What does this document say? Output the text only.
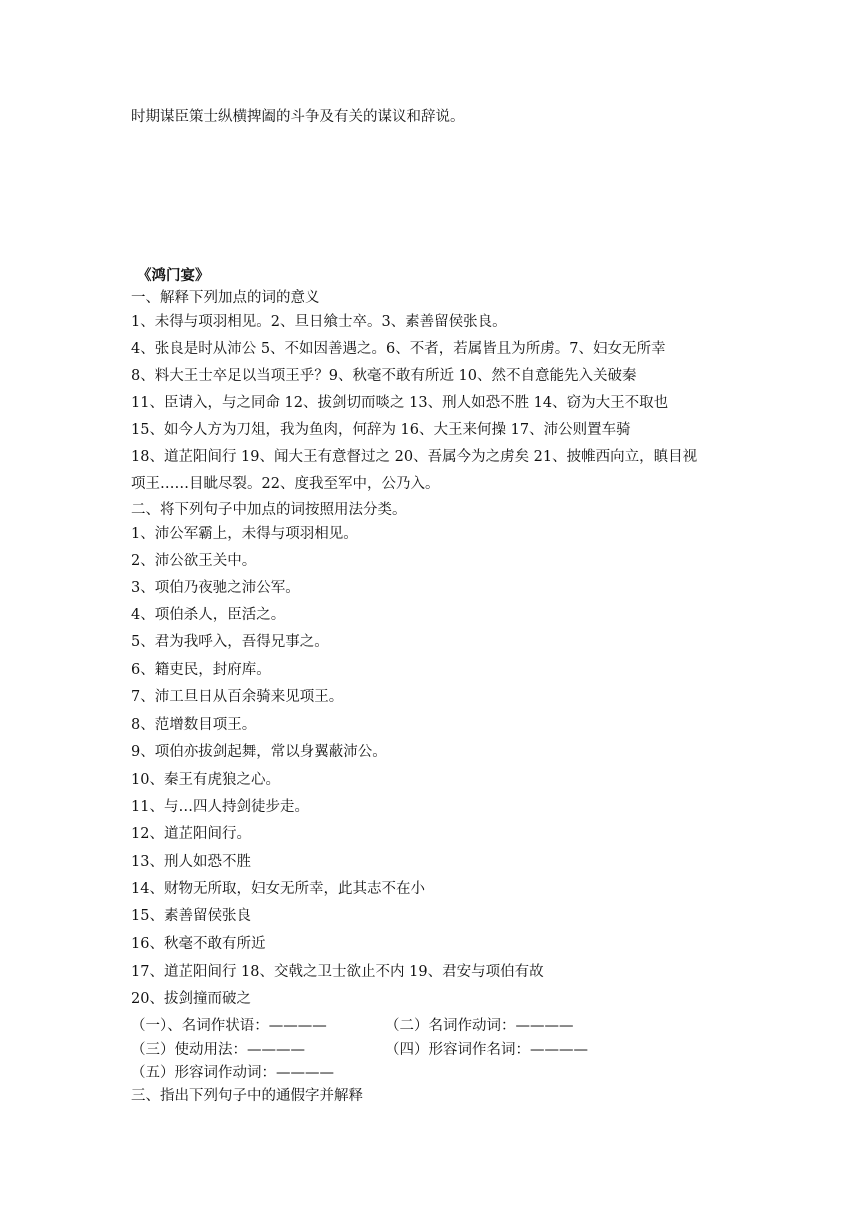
时期谋臣策士纵横捭阖的斗争及有关的谋议和辞说。
《鸿门宴》
一、解释下列加点的词的意义
1、未得与项羽相见。2、旦日飨士卒。3、素善留侯张良。
4、张良是时从沛公 5、不如因善遇之。6、不者，若属皆且为所虏。7、妇女无所幸
8、料大王士卒足以当项王乎？9、秋毫不敢有所近 10、然不自意能先入关破秦
11、臣请入，与之同命 12、拔剑切而啖之 13、刑人如恐不胜 14、窃为大王不取也
15、如今人方为刀俎，我为鱼肉，何辞为 16、大王来何操 17、沛公则置车骑
18、道芷阳间行 19、闻大王有意督过之 20、吾属今为之虏矣 21、披帷西向立，瞋目视
项王……目眦尽裂。22、度我至军中，公乃入。
二、将下列句子中加点的词按照用法分类。
1、沛公军霸上，未得与项羽相见。
2、沛公欲王关中。
3、项伯乃夜驰之沛公军。
4、项伯杀人，臣活之。
5、君为我呼入，吾得兄事之。
6、籍吏民，封府库。
7、沛工旦日从百余骑来见项王。
8、范增数目项王。
9、项伯亦拔剑起舞，常以身翼蔽沛公。
10、秦王有虎狼之心。
11、与…四人持剑徒步走。
12、道芷阳间行。
13、刑人如恐不胜
14、财物无所取，妇女无所幸，此其志不在小
15、素善留侯张良
16、秋毫不敢有所近
17、道芷阳间行 18、交戟之卫士欲止不内 19、君安与项伯有故
20、拔剑撞而破之
（一）、名词作状语：————	（二）名词作动词：————
（三）使动用法：————	（四）形容词作名词：————
（五）形容词作动词：————
三、指出下列句子中的通假字并解释
